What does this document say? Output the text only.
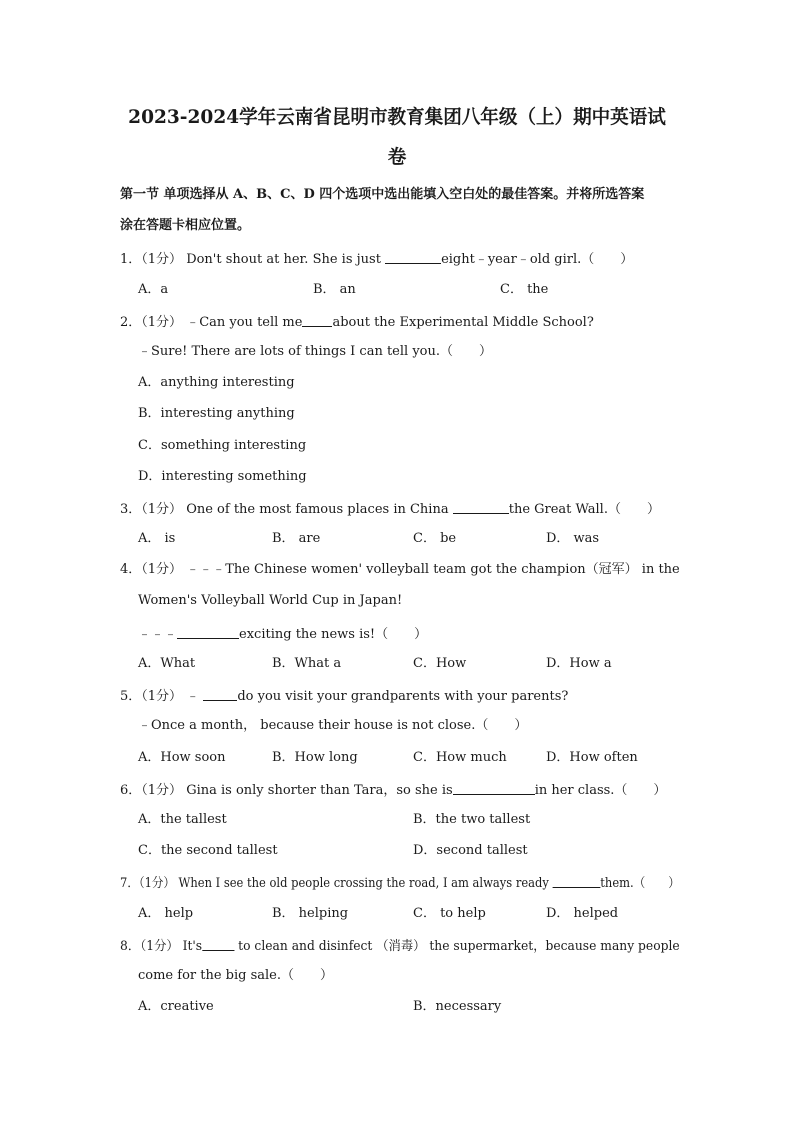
2023-2024学年云南省昆明市教育集团八年级（上）期中英语试
卷
第一节 单项选择从 A、B、C、D 四个选项中选出能填入空白处的最佳答案。并将所选答案
涂在答题卡相应位置。
1．（1分） Don't shout at her. She is just	eight﹣year﹣old girl.（　　）
A．a	B． an	C． the
2．（1分） ﹣Can you tell me about the Experimental Middle School?
﹣Sure! There are lots of things I can tell you.（　　）
A．anything interesting
B．interesting anything
C．something interesting
D．interesting something
3．（1分） One of the most famous places in China	the Great Wall.（　　）
A． is	B． are	C． be	D． was
4．（1分） ﹣﹣﹣The Chinese women' volleyball team got the champion（冠军） in the
Women's Volleyball World Cup in Japan!
﹣﹣﹣	exciting the news is!（　　）
A．What	B．What a	C．How	D．How a
5．（1分） ﹣	do you visit your grandparents with your parents?
﹣Once a month， because their house is not close.（　　）
A．How soon	B．How long	C．How much	D．How often
6．（1分） Gina is only shorter than Tara，so she is	in her class.（　　）
A．the tallest	B．the two tallest
C．the second tallest	D．second tallest
7．（1分） When I see the old people crossing the road, I am always ready	them.（　　）
A． help	B． helping	C． to help	D． helped
8．（1分） It's to clean and disinfect （消毒） the supermarket，because many people
come for the big sale.（　　）
A．creative	B．necessary
